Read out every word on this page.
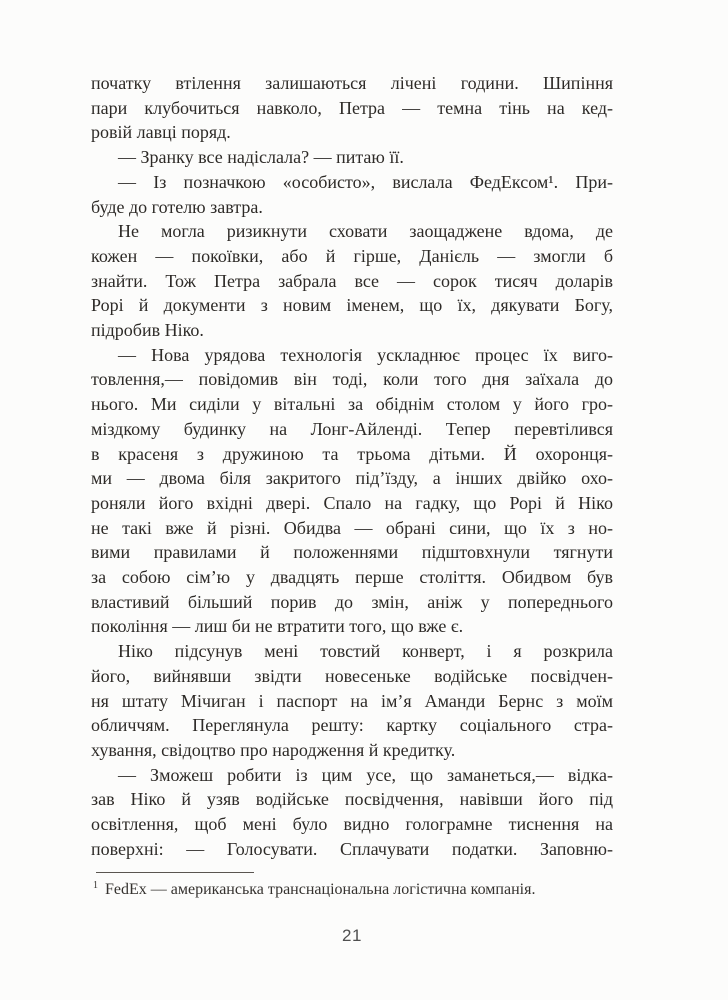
початку втілення залишаються лічені години. Шипіння
пари клубочиться навколо, Петра — темна тінь на кед-
ровій лавці поряд.

— Зранку все надіслала? — питаю її.

— Із позначкою «особисто», вислала ФедЕксом¹. При-
буде до готелю завтра.

Не могла ризикнути сховати заощаджене вдома, де
кожен — покоївки, або й гірше, Данієль — змогли б
знайти. Тож Петра забрала все — сорок тисяч доларів
Рорі й документи з новим іменем, що їх, дякувати Богу,
підробив Ніко.

— Нова урядова технологія ускладнює процес їх виго-
товлення,— повідомив він тоді, коли того дня заїхала до
нього. Ми сиділи у вітальні за обіднім столом у його гро-
міздкому будинку на Лонг-Айленді. Тепер перевтілився
в красеня з дружиною та трьома дітьми. Й охоронця-
ми — двома біля закритого під’їзду, а інших двійко охо-
роняли його вхідні двері. Спало на гадку, що Рорі й Ніко
не такі вже й різні. Обидва — обрані сини, що їх з но-
вими правилами й положеннями підштовхнули тягнути
за собою сім’ю у двадцять перше століття. Обидвом був
властивий більший порив до змін, аніж у попереднього
покоління — лиш би не втратити того, що вже є.

Ніко підсунув мені товстий конверт, і я розкрила
його, вийнявши звідти новесеньке водійське посвідчен-
ня штату Мічиган і паспорт на ім’я Аманди Бернс з моїм
обличчям. Переглянула решту: картку соціального стра-
хування, свідоцтво про народження й кредитку.

— Зможеш робити із цим усе, що заманеться,— відка-
зав Ніко й узяв водійське посвідчення, навівши його під
освітлення, щоб мені було видно голограмне тиснення на
поверхні: — Голосувати. Сплачувати податки. Заповню-

$^1$ FedEx — американська транснаціональна логістична компанія.
21
